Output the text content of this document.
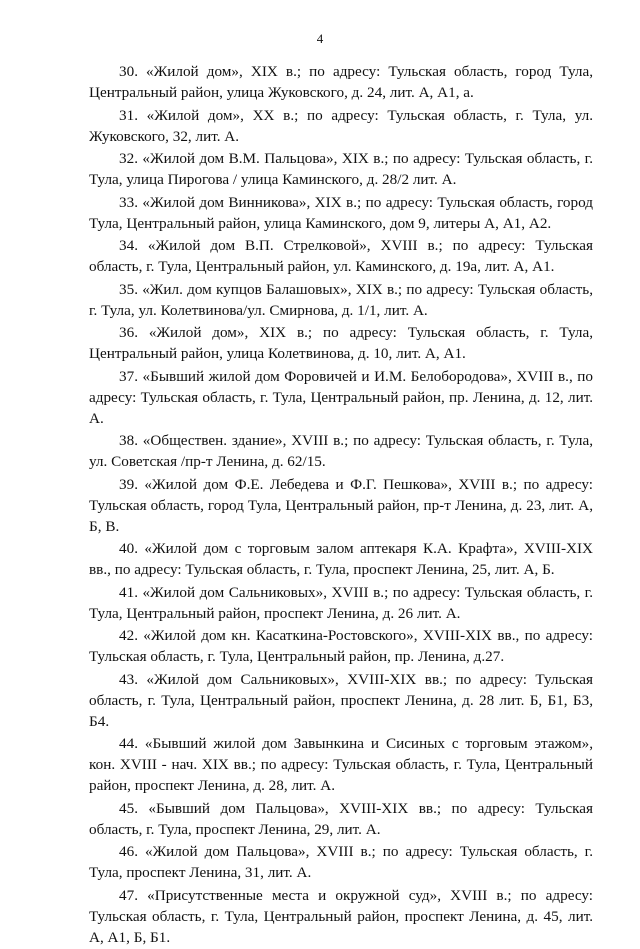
4

30. «Жилой дом», XIX в.; по адресу: Тульская область, город Тула, Центральный район, улица Жуковского, д. 24, лит. А, А1, а.

31. «Жилой дом», XX в.; по адресу: Тульская область, г. Тула, ул. Жуковского, 32, лит. А.

32. «Жилой дом В.М. Пальцова», XIX в.; по адресу: Тульская область, г. Тула, улица Пирогова / улица Каминского, д. 28/2 лит. А.

33. «Жилой дом Винникова», XIX в.; по адресу: Тульская область, город Тула, Центральный район, улица Каминского, дом 9, литеры А, А1, А2.

34. «Жилой дом В.П. Стрелковой», XVIII в.; по адресу: Тульская область, г. Тула, Центральный район, ул. Каминского, д. 19а, лит. А, А1.

35. «Жил. дом купцов Балашовых», XIX в.; по адресу: Тульская область, г. Тула, ул. Колетвинова/ул. Смирнова, д. 1/1, лит. А.

36. «Жилой дом», XIX в.; по адресу: Тульская область, г. Тула, Центральный район, улица Колетвинова, д. 10, лит. А, А1.

37. «Бывший жилой дом Форовичей и И.М. Белобородова», XVIII в., по адресу: Тульская область, г. Тула, Центральный район, пр. Ленина, д. 12, лит. А.

38. «Обществен. здание», XVIII в.; по адресу: Тульская область, г. Тула, ул. Советская /пр-т Ленина, д. 62/15.

39. «Жилой дом Ф.Е. Лебедева и Ф.Г. Пешкова», XVIII в.; по адресу: Тульская область, город Тула, Центральный район, пр-т Ленина, д. 23, лит. А, Б, В.

40. «Жилой дом с торговым залом аптекаря К.А. Крафта», XVIII-XIX вв., по адресу: Тульская область, г. Тула, проспект Ленина, 25, лит. А, Б.

41. «Жилой дом Сальниковых», XVIII в.; по адресу: Тульская область, г. Тула, Центральный район, проспект Ленина, д. 26 лит. А.

42. «Жилой дом кн. Касаткина-Ростовского», XVIII-XIX вв., по адресу: Тульская область, г. Тула, Центральный район, пр. Ленина, д.27.

43. «Жилой дом Сальниковых», XVIII-XIX вв.; по адресу: Тульская область, г. Тула, Центральный район, проспект Ленина, д. 28 лит. Б, Б1, Б3, Б4.

44. «Бывший жилой дом Завынкина и Сисиных с торговым этажом», кон. XVIII - нач. XIX вв.; по адресу: Тульская область, г. Тула, Центральный район, проспект Ленина, д. 28, лит. А.

45. «Бывший дом Пальцова», XVIII-XIX вв.; по адресу: Тульская область, г. Тула, проспект Ленина, 29, лит. А.

46. «Жилой дом Пальцова», XVIII в.; по адресу: Тульская область, г. Тула, проспект Ленина, 31, лит. А.

47. «Присутственные места и окружной суд», XVIII в.; по адресу: Тульская область, г. Тула, Центральный район, проспект Ленина, д. 45, лит. А, А1, Б, Б1.
